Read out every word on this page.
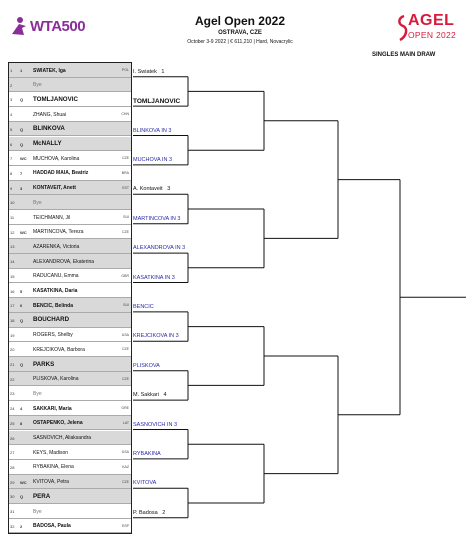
WTA500	Agel Open 2022
OSTRAVA, CZE
October 3-9 2022 | € 611,210 | Hard, Novacrylic
AGEL
OPEN 2022
SINGLES MAIN DRAW
1	1 SWIATEK, Iga	POL
2	Bye
3	Q TOMLJANOVIC
4	ZHANG, Shuai	CHN
5	Q BLINKOVA
6	Q McNALLY
7	WC MUCHOVA, Karolina	CZE
8	7 HADDAD MAIA, Beatriz	BRA
9	3 KONTAVEIT, Anett	EST
10	Bye
11	TEICHMANN, Jil	SUI
12	WC MARTINCOVA, Tereza	CZE
13	AZARENKA, Victoria
14	ALEXANDROVA, Ekaterina
15	RADUCANU, Emma	GBR
16	5 KASATKINA, Daria
17	6 BENCIC, Belinda	SUI
18	Q BOUCHARD
19	ROGERS, Shelby	USA
20	KREJCIKOVA, Barbora	CZE
21	Q PARKS
22	PLISKOVA, Karolina	CZE
23	Bye
24	4 SAKKARI, Maria	GRE
25	8 OSTAPENKO, Jelena	LAT
26	SASNOVICH, Aliaksandra
27	KEYS, Madison	USA
28	RYBAKINA, Elena	KAZ
29	WC KVITOVA, Petra	CZE
30	Q PERA
31	Bye
32	2 BADOSA, Paula	ESP
I. Swiatek 1
TOMLJANOVIC
BLINKOVA IN 3
MUCHOVA IN 3
A. Kontaveit 3
MARTINCOVA IN 3
ALEXANDROVA IN 3
KASATKINA IN 3
BENCIC
KREJCIKOVA IN 3
PLISKOVA
M. Sakkari 4
SASNOVICH IN 3
RYBAKINA
KVITOVA
P. Badosa 2
